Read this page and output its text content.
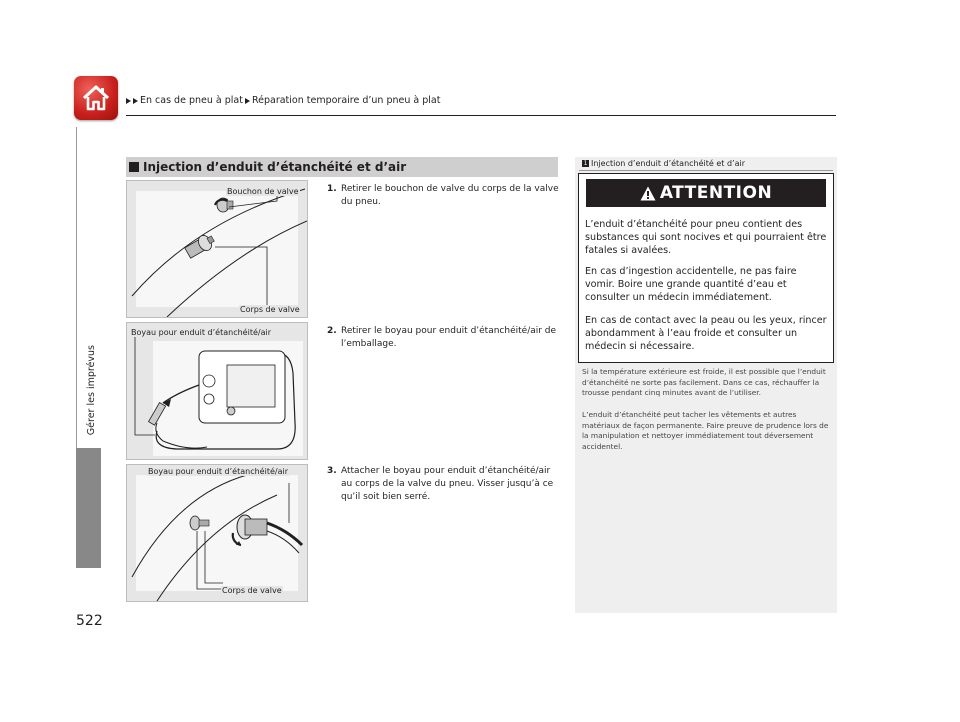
En cas de pneu à plat Réparation temporaire d’un pneu à plat
Gérer les imprévus
522
Injection d’enduit d’étanchéité et d’air
Bouchon de valve
Corps de valve
Boyau pour enduit d’étanchéité/air
Boyau pour enduit d’étanchéité/air
Corps de valve
1. Retirer le bouchon de valve du corps de la valve du pneu.
2. Retirer le boyau pour enduit d’étanchéité/air de l’emballage.
3. Attacher le boyau pour enduit d’étanchéité/air au corps de la valve du pneu. Visser jusqu’à ce qu’il soit bien serré.
1 Injection d’enduit d’étanchéité et d’air
ATTENTION
L’enduit d’étanchéité pour pneu contient des substances qui sont nocives et qui pourraient être fatales si avalées.
En cas d’ingestion accidentelle, ne pas faire vomir. Boire une grande quantité d’eau et consulter un médecin immédiatement.
En cas de contact avec la peau ou les yeux, rincer abondamment à l’eau froide et consulter un médecin si nécessaire.
Si la température extérieure est froide, il est possible que l’enduit d’étanchéité ne sorte pas facilement. Dans ce cas, réchauffer la trousse pendant cinq minutes avant de l’utiliser.
L’enduit d’étanchéité peut tacher les vêtements et autres matériaux de façon permanente. Faire preuve de prudence lors de la manipulation et nettoyer immédiatement tout déversement accidentel.
